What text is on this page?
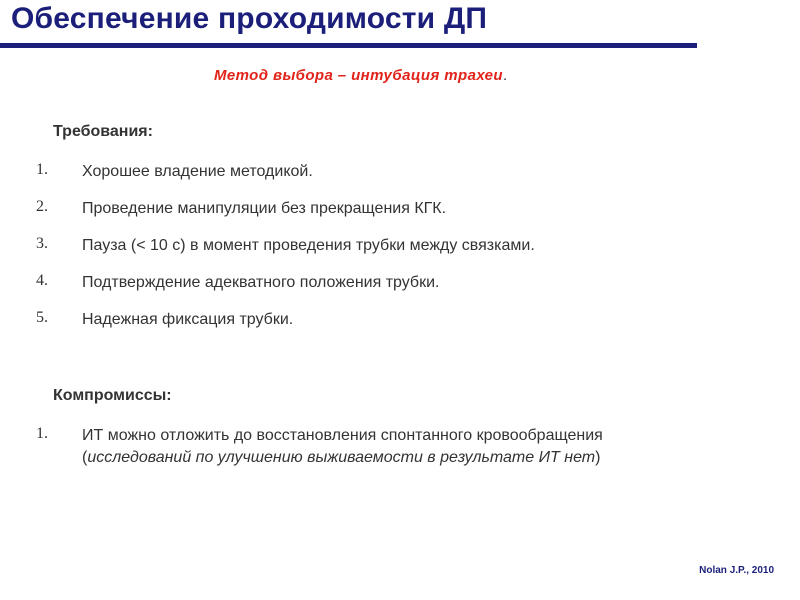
Обеспечение проходимости ДП
Метод выбора – интубация трахеи.
Требования:
1. Хорошее владение методикой.
2. Проведение манипуляции без прекращения КГК.
3. Пауза (< 10 с) в момент проведения трубки между связками.
4. Подтверждение адекватного положения трубки.
5. Надежная фиксация трубки.
Компромиссы:
1. ИТ можно отложить до восстановления спонтанного кровообращения
(исследований по улучшению выживаемости в результате ИТ нет)
Nolan J.P., 2010
